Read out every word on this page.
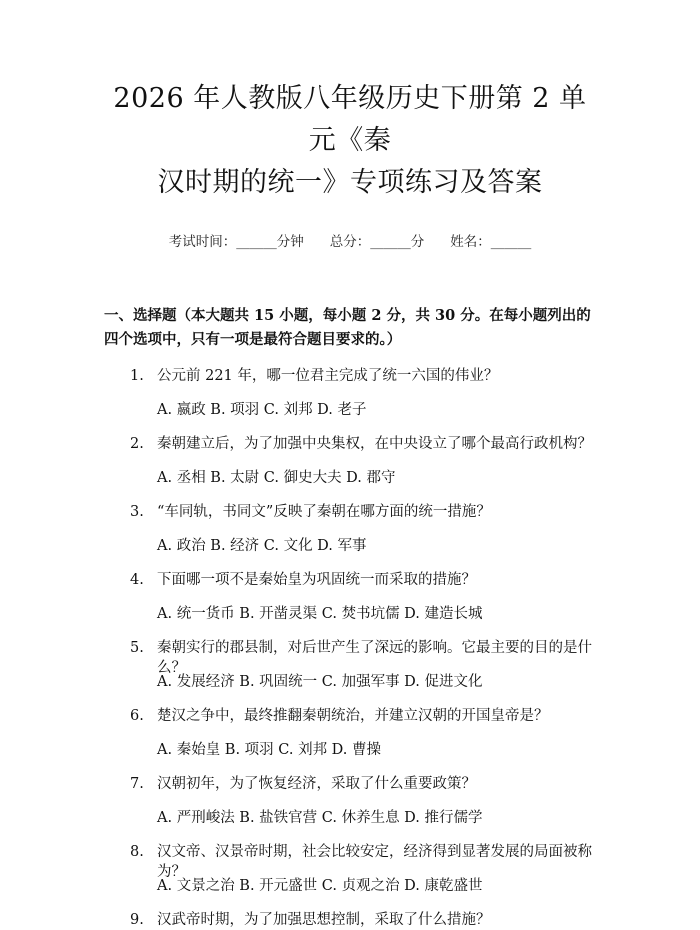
2026 年人教版八年级历史下册第 2 单元《秦
汉时期的统一》专项练习及答案
考试时间：______分钟 总分：______分 姓名：______
一、选择题（本大题共 15 小题，每小题 2 分，共 30 分。在每小题列出的四个选项中，只有一项是最符合题目要求的。）
1. 公元前 221 年，哪一位君主完成了统一六国的伟业？
A. 嬴政 B. 项羽 C. 刘邦 D. 老子
2. 秦朝建立后，为了加强中央集权，在中央设立了哪个最高行政机构？
A. 丞相 B. 太尉 C. 御史大夫 D. 郡守
3. “车同轨，书同文”反映了秦朝在哪方面的统一措施？
A. 政治 B. 经济 C. 文化 D. 军事
4. 下面哪一项不是秦始皇为巩固统一而采取的措施？
A. 统一货币 B. 开凿灵渠 C. 焚书坑儒 D. 建造长城
5. 秦朝实行的郡县制，对后世产生了深远的影响。它最主要的目的是什么？
A. 发展经济 B. 巩固统一 C. 加强军事 D. 促进文化
6. 楚汉之争中，最终推翻秦朝统治，并建立汉朝的开国皇帝是？
A. 秦始皇 B. 项羽 C. 刘邦 D. 曹操
7. 汉朝初年，为了恢复经济，采取了什么重要政策？
A. 严刑峻法 B. 盐铁官营 C. 休养生息 D. 推行儒学
8. 汉文帝、汉景帝时期，社会比较安定，经济得到显著发展的局面被称为？
A. 文景之治 B. 开元盛世 C. 贞观之治 D. 康乾盛世
9. 汉武帝时期，为了加强思想控制，采取了什么措施？
